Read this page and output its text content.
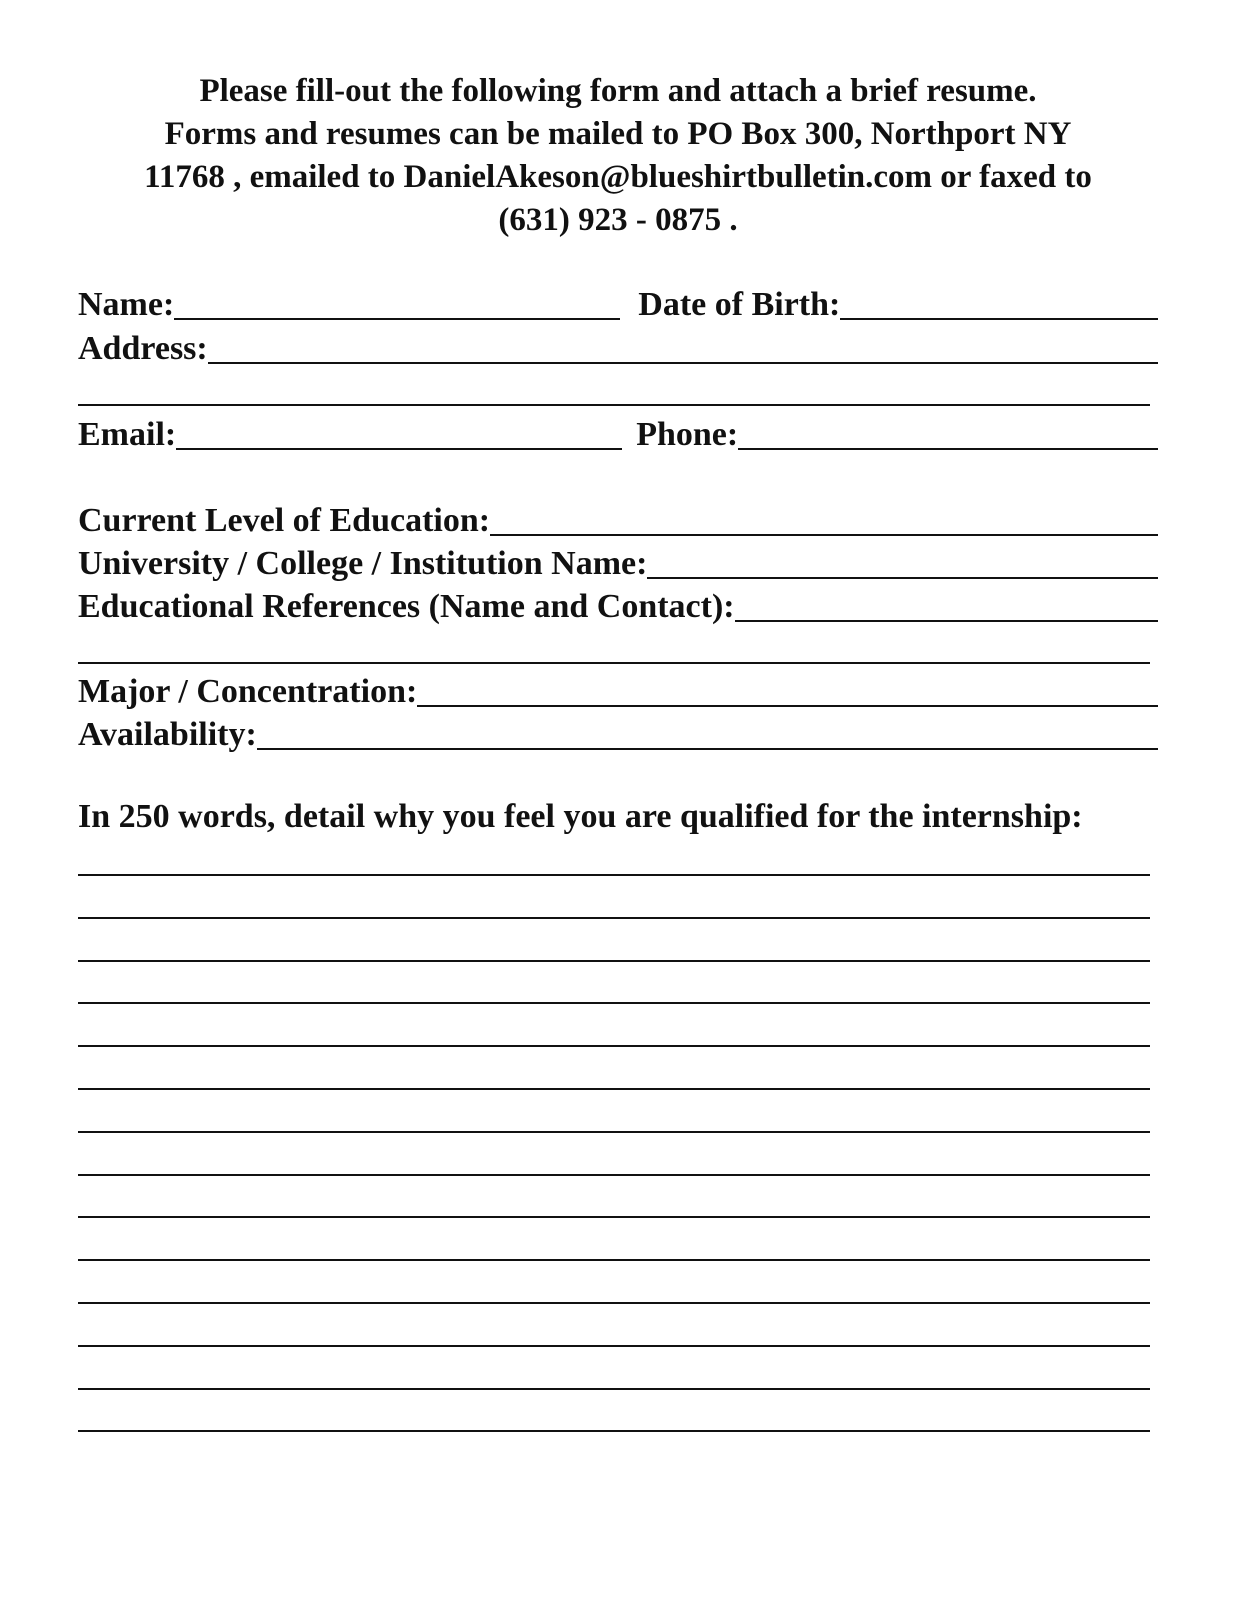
Please fill-out the following form and attach a brief resume.
Forms and resumes can be mailed to PO Box 300, Northport NY
11768 , emailed to DanielAkeson@blueshirtbulletin.com or faxed to
(631) 923 - 0875 .
Name:	Date of Birth:
Address:
Email:	Phone:
Current Level of Education:
University / College / Institution Name:
Educational References (Name and Contact):
Major / Concentration:
Availability:
In 250 words, detail why you feel you are qualified for the internship:
